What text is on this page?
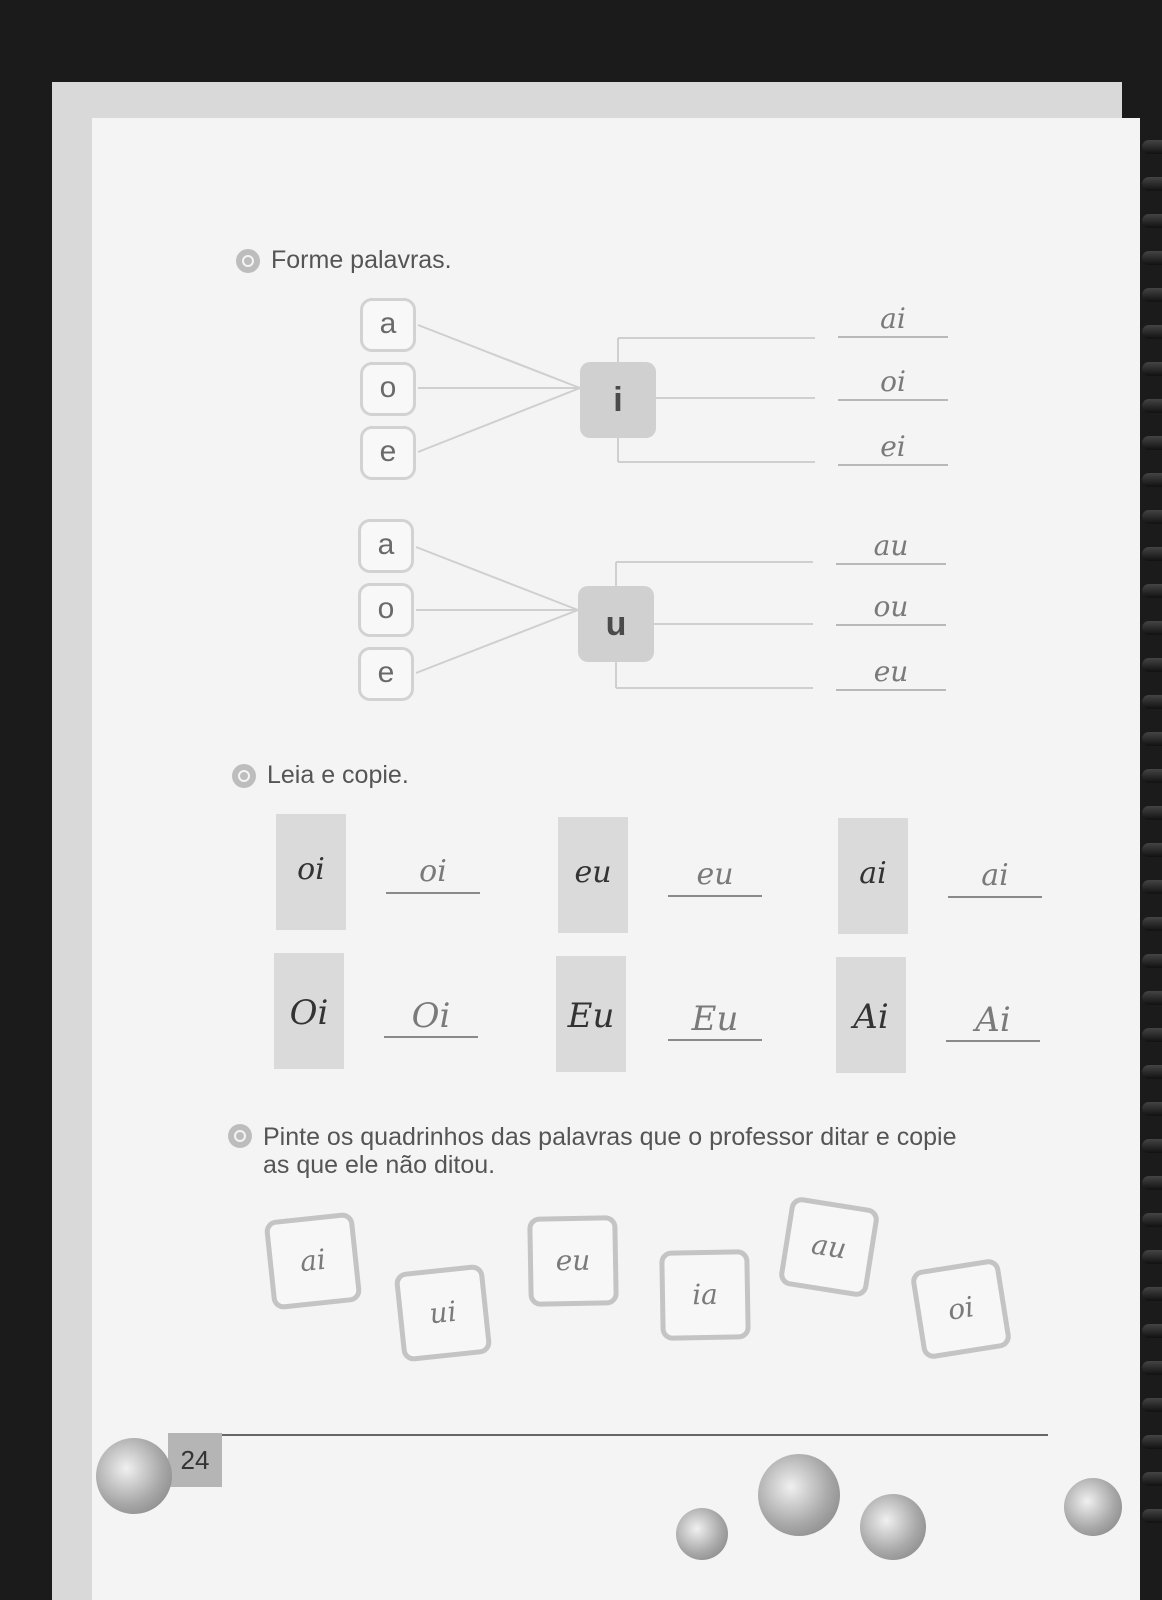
Forme palavras.
a
o
e
i
ai
oi
ei
a
o
e
u
au
ou
eu
Leia e copie.
oi	oi	eu	eu	ai	ai
Oi	Oi	Eu	Eu	Ai	Ai
Pinte os quadrinhos das palavras que o professor ditar e copie
as que ele não ditou.
ai
ui
eu
ia
au
oi
24
